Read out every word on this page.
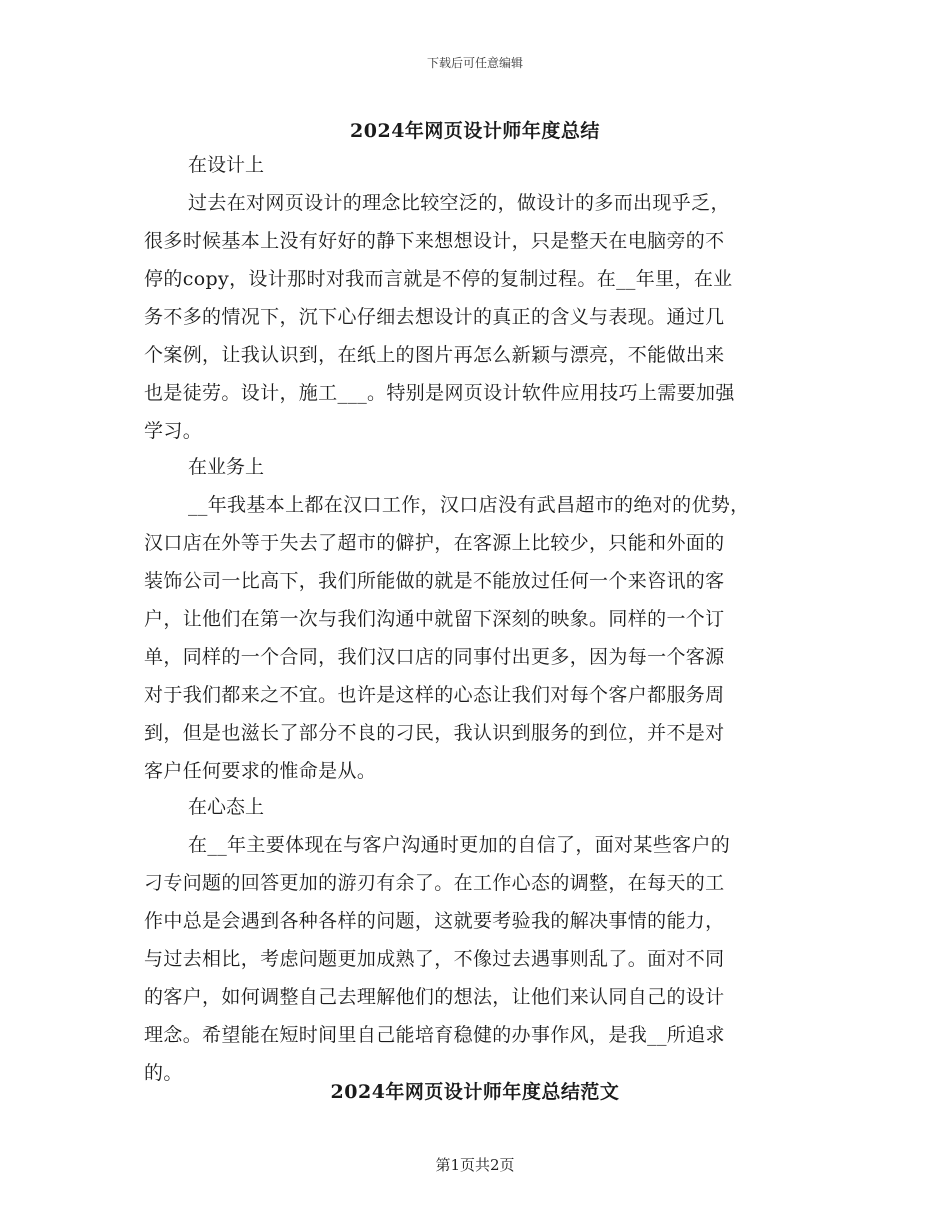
下载后可任意编辑
2024年网页设计师年度总结
在设计上
过去在对网页设计的理念比较空泛的，做设计的多而出现乎乏，
很多时候基本上没有好好的静下来想想设计，只是整天在电脑旁的不
停的copy，设计那时对我而言就是不停的复制过程。在__年里，在业
务不多的情况下，沉下心仔细去想设计的真正的含义与表现。通过几
个案例，让我认识到，在纸上的图片再怎么新颖与漂亮，不能做出来
也是徒劳。设计，施工___。特别是网页设计软件应用技巧上需要加强
学习。
在业务上
__年我基本上都在汉口工作，汉口店没有武昌超市的绝对的优势，
汉口店在外等于失去了超市的僻护，在客源上比较少，只能和外面的
装饰公司一比高下，我们所能做的就是不能放过任何一个来咨讯的客
户，让他们在第一次与我们沟通中就留下深刻的映象。同样的一个订
单，同样的一个合同，我们汉口店的同事付出更多，因为每一个客源
对于我们都来之不宜。也许是这样的心态让我们对每个客户都服务周
到，但是也滋长了部分不良的刁民，我认识到服务的到位，并不是对
客户任何要求的惟命是从。
在心态上
在__年主要体现在与客户沟通时更加的自信了，面对某些客户的
刁专问题的回答更加的游刃有余了。在工作心态的调整，在每天的工
作中总是会遇到各种各样的问题，这就要考验我的解决事情的能力，
与过去相比，考虑问题更加成熟了，不像过去遇事则乱了。面对不同
的客户，如何调整自己去理解他们的想法，让他们来认同自己的设计
理念。希望能在短时间里自己能培育稳健的办事作风，是我__所追求
的。
2024年网页设计师年度总结范文
第1页共2页
